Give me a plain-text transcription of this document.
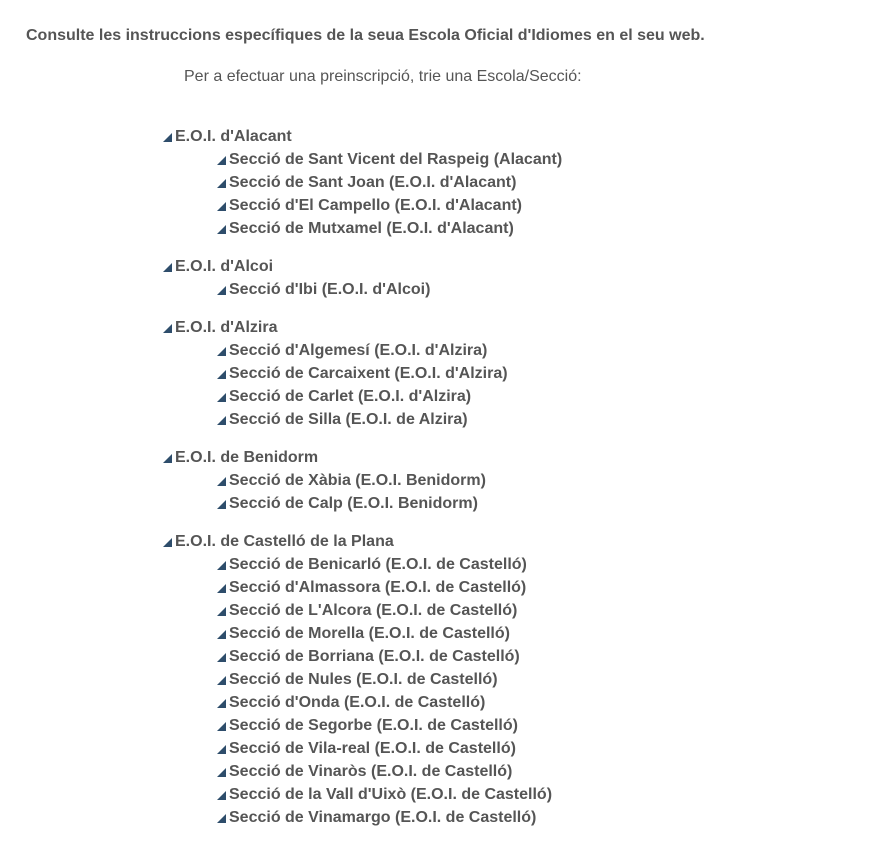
Consulte les instruccions específiques de la seua Escola Oficial d'Idiomes en el seu web.
Per a efectuar una preinscripció, trie una Escola/Secció:
E.O.I. d'Alacant
Secció de Sant Vicent del Raspeig (Alacant)
Secció de Sant Joan (E.O.I. d'Alacant)
Secció d'El Campello (E.O.I. d'Alacant)
Secció de Mutxamel (E.O.I. d'Alacant)
E.O.I. d'Alcoi
Secció d'Ibi (E.O.I. d'Alcoi)
E.O.I. d'Alzira
Secció d'Algemesí (E.O.I. d'Alzira)
Secció de Carcaixent (E.O.I. d'Alzira)
Secció de Carlet (E.O.I. d'Alzira)
Secció de Silla (E.O.I. de Alzira)
E.O.I. de Benidorm
Secció de Xàbia (E.O.I. Benidorm)
Secció de Calp (E.O.I. Benidorm)
E.O.I. de Castelló de la Plana
Secció de Benicarló (E.O.I. de Castelló)
Secció d'Almassora (E.O.I. de Castelló)
Secció de L'Alcora (E.O.I. de Castelló)
Secció de Morella (E.O.I. de Castelló)
Secció de Borriana (E.O.I. de Castelló)
Secció de Nules (E.O.I. de Castelló)
Secció d'Onda (E.O.I. de Castelló)
Secció de Segorbe (E.O.I. de Castelló)
Secció de Vila-real (E.O.I. de Castelló)
Secció de Vinaròs (E.O.I. de Castelló)
Secció de la Vall d'Uixò (E.O.I. de Castelló)
Secció de Vinamargo (E.O.I. de Castelló)
